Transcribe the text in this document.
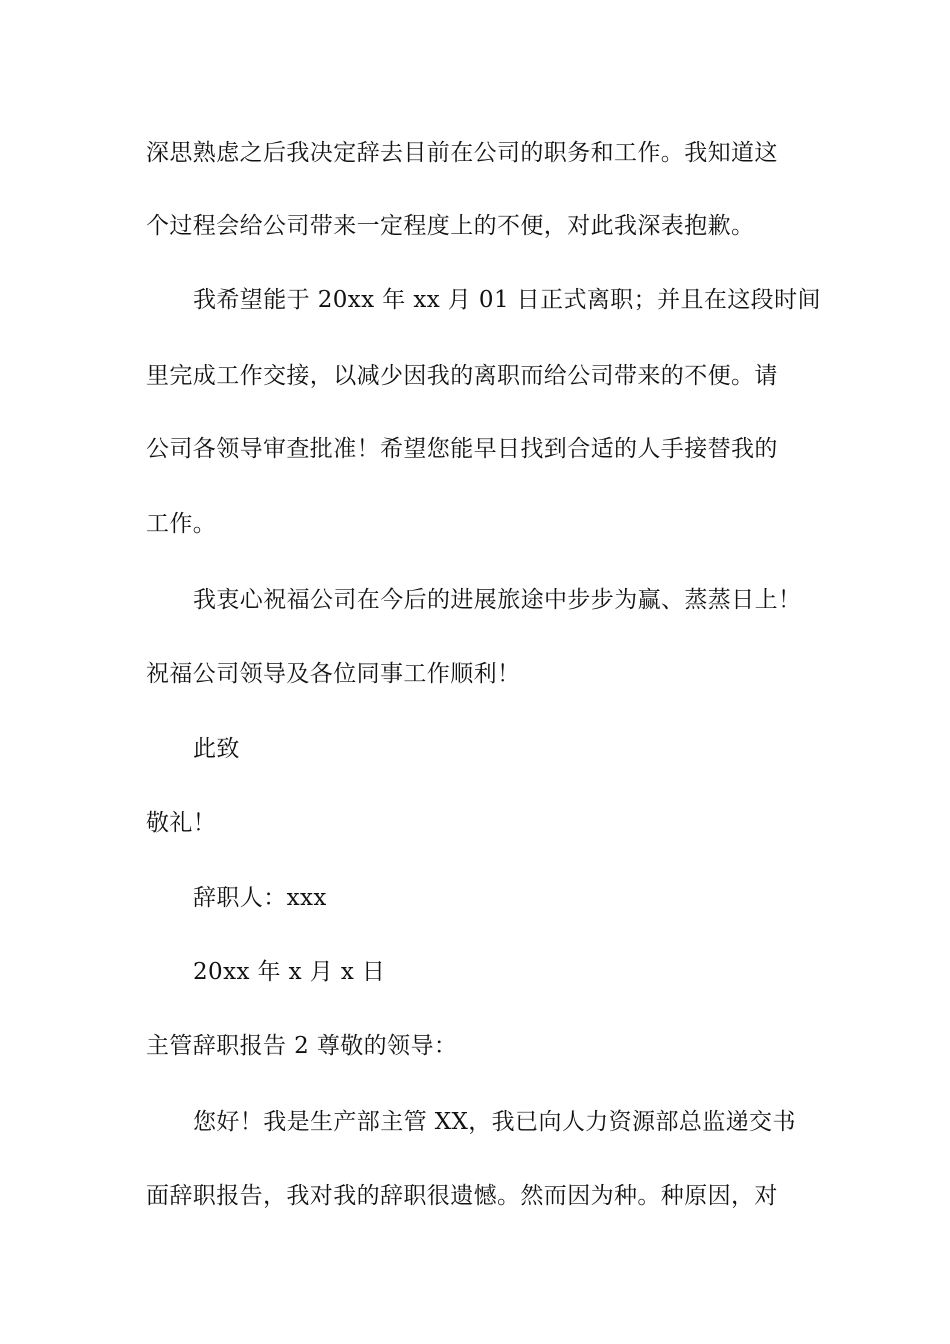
深思熟虑之后我决定辞去目前在公司的职务和工作。我知道这
个过程会给公司带来一定程度上的不便，对此我深表抱歉。
我希望能于 20xx 年 xx 月 01 日正式离职；并且在这段时间
里完成工作交接，以减少因我的离职而给公司带来的不便。请
公司各领导审查批准！希望您能早日找到合适的人手接替我的
工作。
我衷心祝福公司在今后的进展旅途中步步为赢、蒸蒸日上！
祝福公司领导及各位同事工作顺利！
此致
敬礼！
辞职人：xxx
20xx 年 x 月 x 日
主管辞职报告 2 尊敬的领导：
您好！我是生产部主管 XX，我已向人力资源部总监递交书
面辞职报告，我对我的辞职很遗憾。然而因为种。种原因，对
